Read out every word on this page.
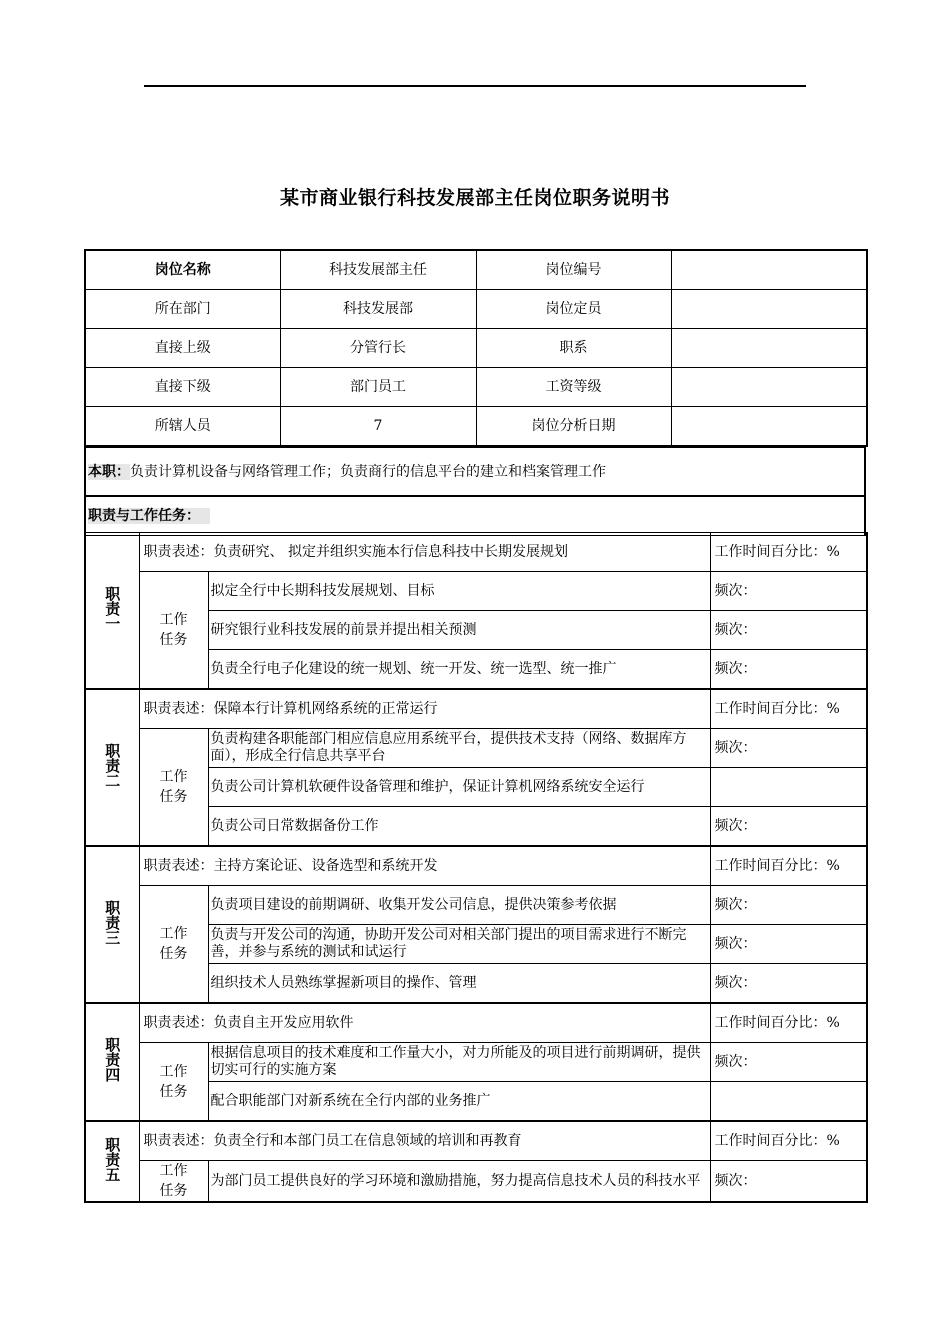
某市商业银行科技发展部主任岗位职务说明书
岗位名称	科技发展部主任	岗位编号	
所在部门	科技发展部	岗位定员	
直接上级	分管行长	职系	
直接下级	部门员工	工资等级	
所辖人员	7	岗位分析日期	
本职：负责计算机设备与网络管理工作；负责商行的信息平台的建立和档案管理工作
职责与工作任务：
职责一	职责表述：负责研究、 拟定并组织实施本行信息科技中长期发展规划		工作时间百分比：%
	工作任务	拟定全行中长期科技发展规划、目标	频次：
		研究银行业科技发展的前景并提出相关预测	频次：
		负责全行电子化建设的统一规划、统一开发、统一选型、统一推广	频次：
职责二	职责表述：保障本行计算机网络系统的正常运行		工作时间百分比：%
	工作任务	负责构建各职能部门相应信息应用系统平台，提供技术支持（网络、数据库方面），形成全行信息共享平台	频次：
		负责公司计算机软硬件设备管理和维护，保证计算机网络系统安全运行	
		负责公司日常数据备份工作	频次：
职责三	职责表述：主持方案论证、设备选型和系统开发		工作时间百分比：%
	工作任务	负责项目建设的前期调研、收集开发公司信息，提供决策参考依据	频次：
		负责与开发公司的沟通，协助开发公司对相关部门提出的项目需求进行不断完善，并参与系统的测试和试运行	频次：
		组织技术人员熟练掌握新项目的操作、管理	频次：
职责四	职责表述：负责自主开发应用软件		工作时间百分比：%
	工作任务	根据信息项目的技术难度和工作量大小，对力所能及的项目进行前期调研，提供切实可行的实施方案	频次：
		配合职能部门对新系统在全行内部的业务推广	
职责五	职责表述：负责全行和本部门员工在信息领域的培训和再教育		工作时间百分比：%
	工作任务	为部门员工提供良好的学习环境和激励措施，努力提高信息技术人员的科技水平	频次：
